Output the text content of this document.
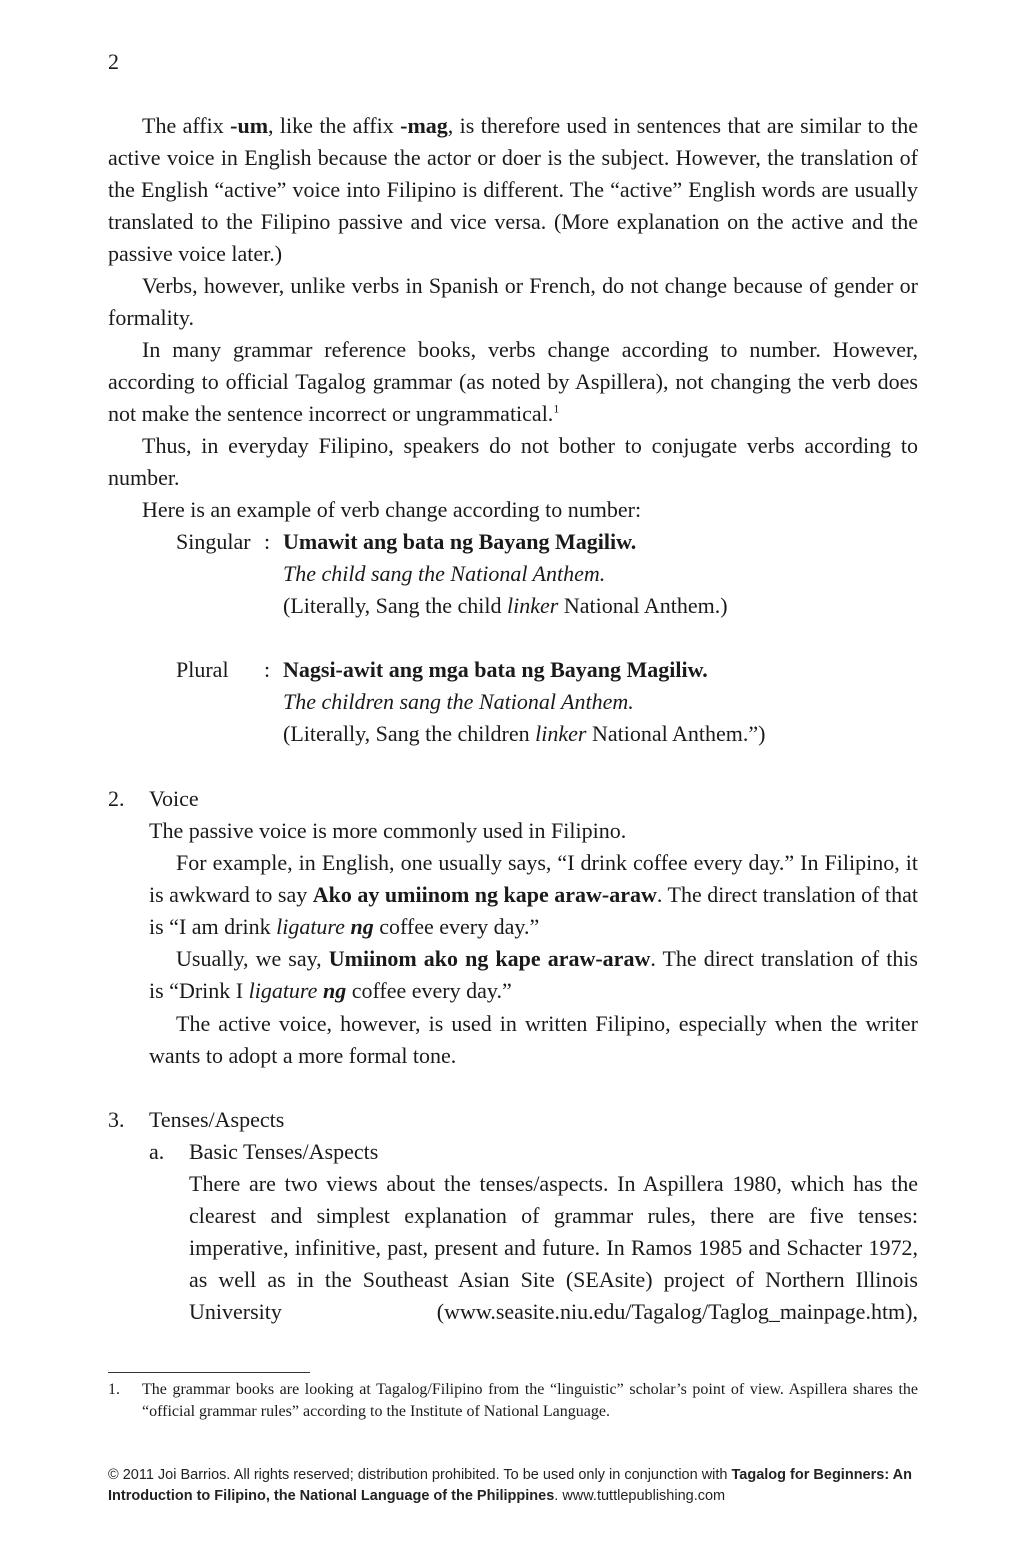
2
The affix -um, like the affix -mag, is therefore used in sentences that are similar to the active voice in English because the actor or doer is the subject. However, the translation of the English “active” voice into Filipino is different. The “active” English words are usually translated to the Filipino passive and vice versa. (More explanation on the active and the passive voice later.)
Verbs, however, unlike verbs in Spanish or French, do not change because of gender or formality.
In many grammar reference books, verbs change according to number. However, according to official Tagalog grammar (as noted by Aspillera), not changing the verb does not make the sentence incorrect or ungrammatical.$^1$
Thus, in everyday Filipino, speakers do not bother to conjugate verbs according to number.
Here is an example of verb change according to number:
Singular : Umawit ang bata ng Bayang Magiliw.
The child sang the National Anthem.
(Literally, Sang the child linker National Anthem.)
Plural : Nagsi-awit ang mga bata ng Bayang Magiliw.
The children sang the National Anthem.
(Literally, Sang the children linker National Anthem.”)
2. Voice
The passive voice is more commonly used in Filipino.
For example, in English, one usually says, “I drink coffee every day.” In Filipino, it is awkward to say Ako ay umiinom ng kape araw-araw. The direct translation of that is “I am drink ligature ng coffee every day.”
Usually, we say, Umiinom ako ng kape araw-araw. The direct translation of this is “Drink I ligature ng coffee every day.”
The active voice, however, is used in written Filipino, especially when the writer wants to adopt a more formal tone.
3. Tenses/Aspects
a. Basic Tenses/Aspects
There are two views about the tenses/aspects. In Aspillera 1980, which has the clearest and simplest explanation of grammar rules, there are five tenses: imperative, infinitive, past, present and future. In Ramos 1985 and Schacter 1972, as well as in the Southeast Asian Site (SEAsite) project of Northern Illinois University (www.seasite.niu.edu/Tagalog/Taglog_mainpage.htm),
1. The grammar books are looking at Tagalog/Filipino from the “linguistic” scholar’s point of view. Aspillera shares the “official grammar rules” according to the Institute of National Language.
© 2011 Joi Barrios. All rights reserved; distribution prohibited. To be used only in conjunction with Tagalog for Beginners: An Introduction to Filipino, the National Language of the Philippines. www.tuttlepublishing.com
